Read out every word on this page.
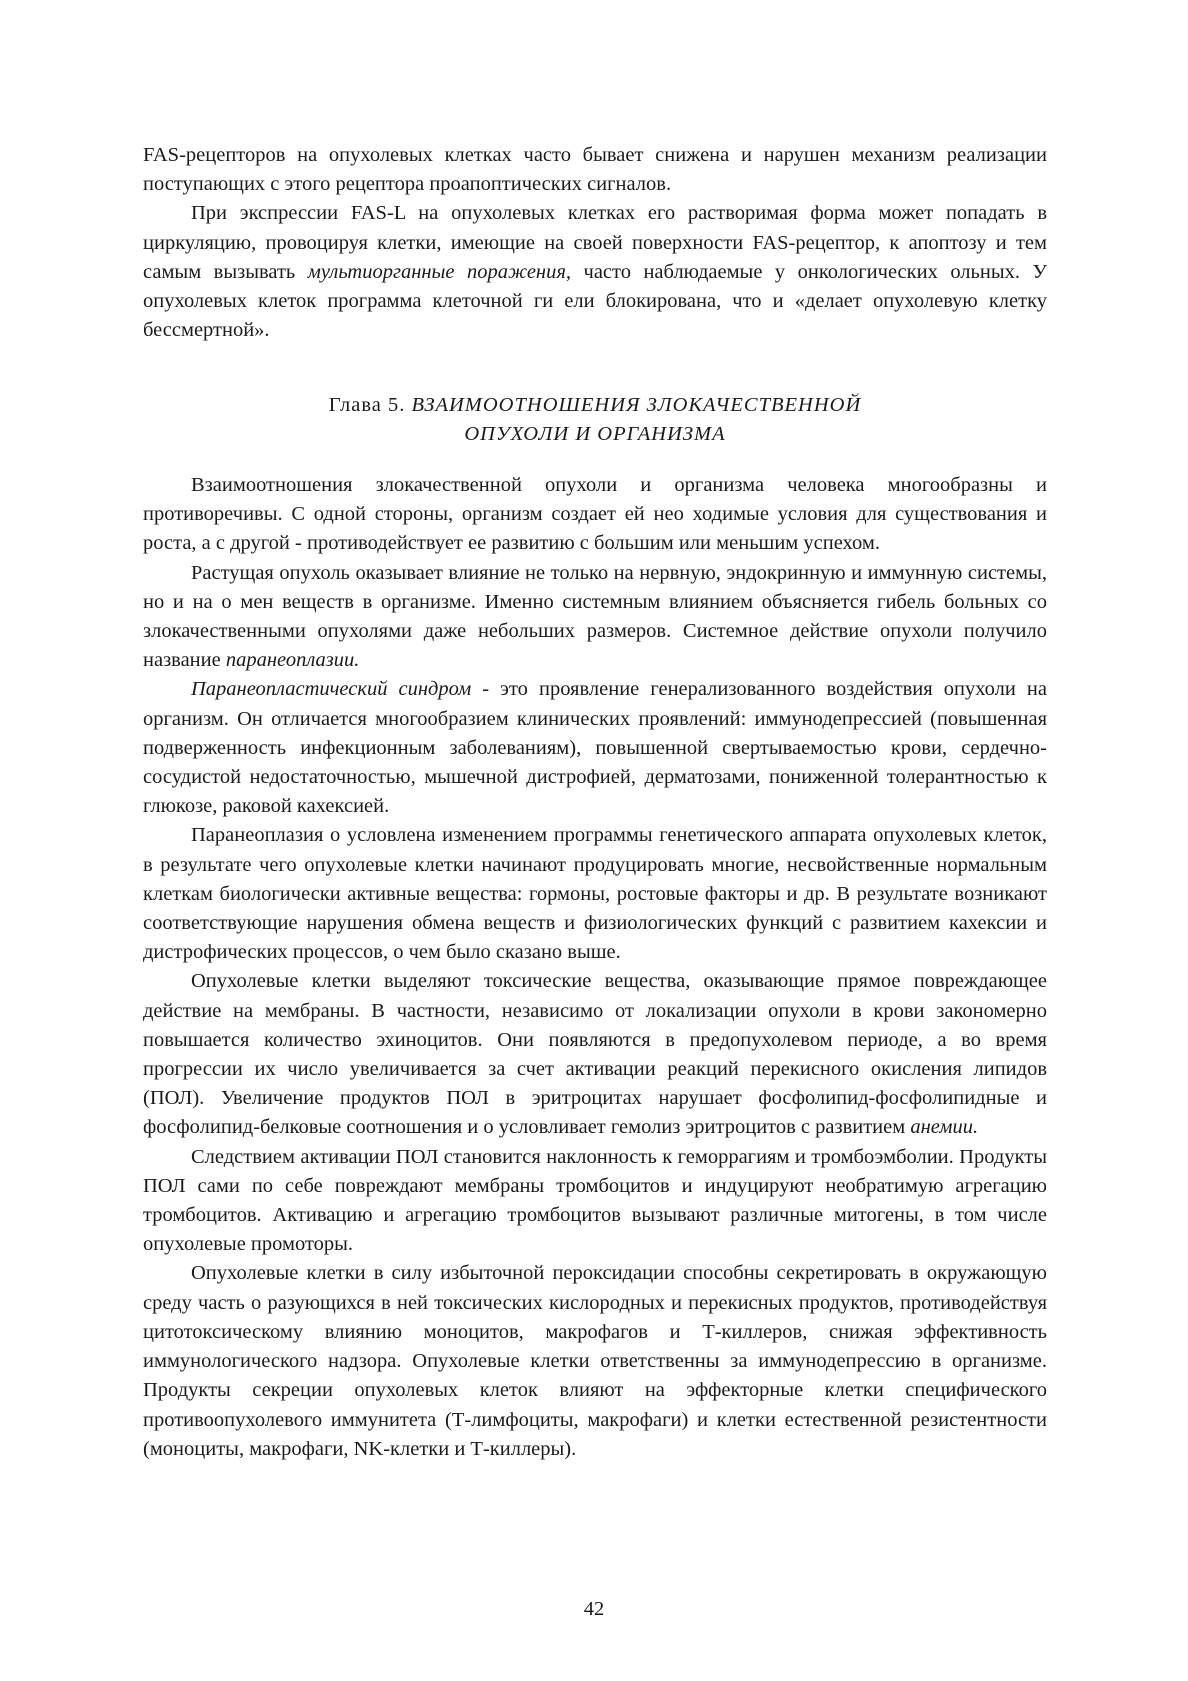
FAS-рецепторов на опухолевых клетках часто бывает снижена и нарушен механизм реализации поступающих с этого рецептора проапоптических сигналов.

При экспрессии FAS-L на опухолевых клетках его растворимая форма может попадать в циркуляцию, провоцируя клетки, имеющие на своей поверхности FAS-рецептор, к апоптозу и тем самым вызывать мультиорганные поражения, часто наблюдаемые у онкологических ольных. У опухолевых клеток программа клеточной ги ели блокирована, что и «делает опухолевую клетку бессмертной».

Глава 5. ВЗАИМООТНОШЕНИЯ ЗЛОКАЧЕСТВЕННОЙ
ОПУХОЛИ И ОРГАНИЗМА

Взаимоотношения злокачественной опухоли и организма человека многообразны и противоречивы. С одной стороны, организм создает ей нео ходимые условия для существования и роста, а с другой - противодействует ее развитию с большим или меньшим успехом.

Растущая опухоль оказывает влияние не только на нервную, эндокринную и иммунную системы, но и на о мен веществ в организме. Именно системным влиянием объясняется гибель больных со злокачественными опухолями даже небольших размеров. Системное действие опухоли получило название паранеоплазии.

Паранеопластический синдром - это проявление генерализованного воздействия опухоли на организм. Он отличается многообразием клинических проявлений: иммунодепрессией (повышенная подверженность инфекционным заболеваниям), повышенной свертываемостью крови, сердечно-сосудистой недостаточностью, мышечной дистрофией, дерматозами, пониженной толерантностью к глюкозе, раковой кахексией.

Паранеоплазия о условлена изменением программы генетического аппарата опухолевых клеток, в результате чего опухолевые клетки начинают продуцировать многие, несвойственные нормальным клеткам биологически активные вещества: гормоны, ростовые факторы и др. В результате возникают соответствующие нарушения обмена веществ и физиологических функций с развитием кахексии и дистрофических процессов, о чем было сказано выше.

Опухолевые клетки выделяют токсические вещества, оказывающие прямое повреждающее действие на мембраны. В частности, независимо от локализации опухоли в крови закономерно повышается количество эхиноцитов. Они появляются в предопухолевом периоде, а во время прогрессии их число увеличивается за счет активации реакций перекисного окисления липидов (ПОЛ). Увеличение продуктов ПОЛ в эритроцитах нарушает фосфолипид-фосфолипидные и фосфолипид-белковые соотношения и о условливает гемолиз эритроцитов с развитием анемии.

Следствием активации ПОЛ становится наклонность к геморрагиям и тромбоэмболии. Продукты ПОЛ сами по себе повреждают мембраны тромбоцитов и индуцируют необратимую агрегацию тромбоцитов. Активацию и агрегацию тромбоцитов вызывают различные митогены, в том числе опухолевые промоторы.

Опухолевые клетки в силу избыточной пероксидации способны секретировать в окружающую среду часть о разующихся в ней токсических кислородных и перекисных продуктов, противодействуя цитотоксическому влиянию моноцитов, макрофагов и Т-киллеров, снижая эффективность иммунологического надзора. Опухолевые клетки ответственны за иммунодепрессию в организме. Продукты секреции опухолевых клеток влияют на эффекторные клетки специфического противоопухолевого иммунитета (Т-лимфоциты, макрофаги) и клетки естественной резистентности (моноциты, макрофаги, NK-клетки и Т-киллеры).

42
